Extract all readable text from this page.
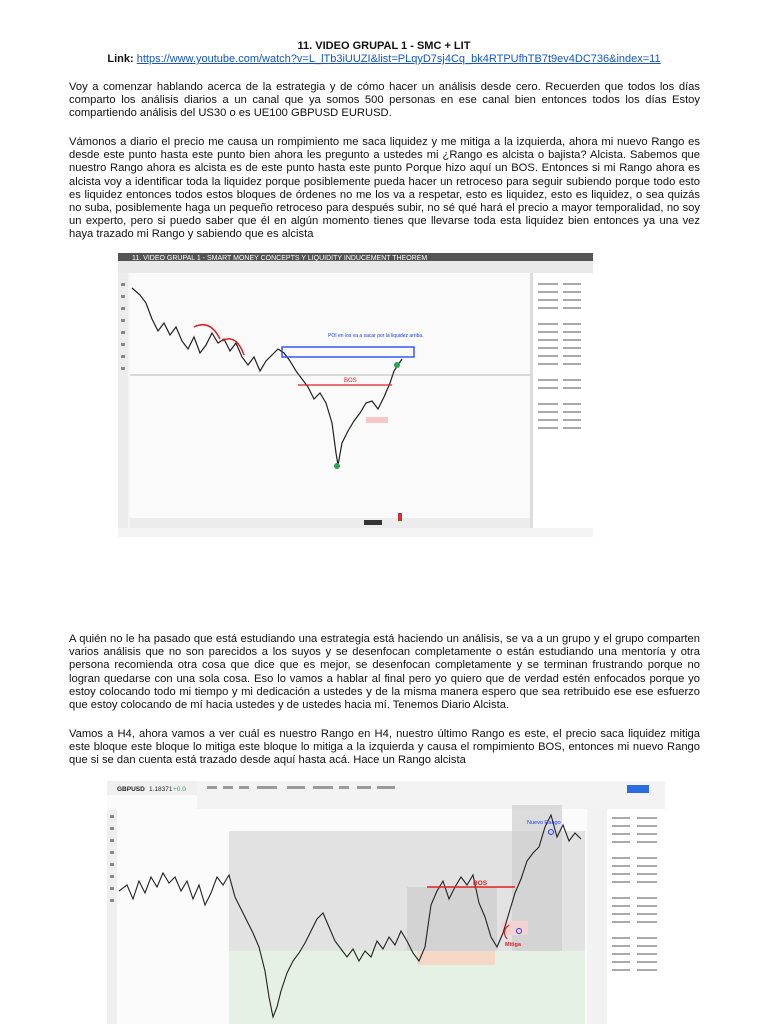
11. VIDEO GRUPAL 1 - SMC + LIT
Link: https://www.youtube.com/watch?v=L_lTb3iUUZI&list=PLqyD7sj4Cq_bk4RTPUfhTB7t9ev4DC736&index=11
Voy a comenzar hablando acerca de la estrategia y de cómo hacer un análisis desde cero. Recuerden que todos los días comparto los análisis diarios a un canal que ya somos 500 personas en ese canal bien entonces todos los días Estoy compartiendo análisis del US30 o es UE100 GBPUSD EURUSD.
Vámonos a diario el precio me causa un rompimiento me saca liquidez y me mitiga a la izquierda, ahora mi nuevo Rango es desde este punto hasta este punto bien ahora les pregunto a ustedes mi ¿Rango es alcista o bajista? Alcista. Sabemos que nuestro Rango ahora es alcista es de este punto hasta este punto Porque hizo aquí un BOS. Entonces si mi Rango ahora es alcista voy a identificar toda la liquidez porque posiblemente pueda hacer un retroceso para seguir subiendo porque todo esto es liquidez entonces todos estos bloques de órdenes no me los va a respetar, esto es liquidez, esto es liquidez, o sea quizás no suba, posiblemente haga un pequeño retroceso para después subir, no sé qué hará el precio a mayor temporalidad, no soy un experto, pero si puedo saber que él en algún momento tienes que llevarse toda esta liquidez bien entonces ya una vez haya trazado mi Rango y sabiendo que es alcista
POI en los va a sacar por la liquidez arriba.
BOS
11. VIDEO GRUPAL 1 - SMART MONEY CONCEPTS Y LIQUIDITY INDUCEMENT THEOREM
A quién no le ha pasado que está estudiando una estrategia está haciendo un análisis, se va a un grupo y el grupo comparten varios análisis que no son parecidos a los suyos y se desenfocan completamente o están estudiando una mentoría y otra persona recomienda otra cosa que dice que es mejor, se desenfocan completamente y se terminan frustrando porque no logran quedarse con una sola cosa. Eso lo vamos a hablar al final pero yo quiero que de verdad estén enfocados porque yo estoy colocando todo mi tiempo y mi dedicación a ustedes y de la misma manera espero que sea retribuido ese ese esfuerzo que estoy colocando de mí hacia ustedes y de ustedes hacia mí. Tenemos Diario Alcista.
Vamos a H4, ahora vamos a ver cuál es nuestro Rango en H4, nuestro último Rango es este, el precio saca liquidez mitiga este bloque este bloque lo mitiga este bloque lo mitiga a la izquierda y causa el rompimiento BOS, entonces mi nuevo Rango que si se dan cuenta está trazado desde aquí hasta acá. Hace un Rango alcista
GBPUSD 1.18371 +0.0
BOS
Nuevo Rango
Mitiga
